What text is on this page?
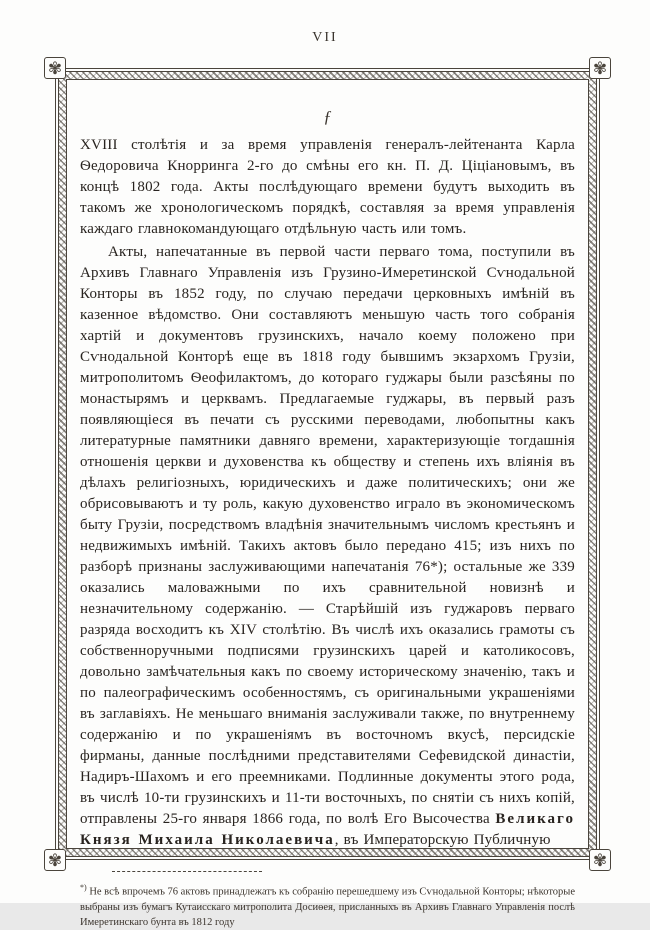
VII
✾	✾
✾	✾
ƒ

XVIII столѣтія и за время управленія генералъ-лейтенанта Карла Ѳедоровича Кнорринга 2-го до смѣны его кн. П. Д. Ціціановымъ, въ концѣ 1802 года. Акты послѣдующаго времени будутъ выходить въ такомъ же хронологическомъ порядкѣ, составляя за время управленія каждаго главнокомандующаго отдѣльную часть или томъ.

Акты, напечатанные въ первой части перваго тома, поступили въ Архивъ Главнаго Управленія изъ Грузино-Имеретинской Сѵнодальной Конторы въ 1852 году, по случаю передачи церковныхъ имѣній въ казенное вѣдомство. Они составляютъ меньшую часть того собранія хартій и документовъ грузинскихъ, начало коему положено при Сѵнодальной Конторѣ еще въ 1818 году бывшимъ экзархомъ Грузіи, митрополитомъ Ѳеофилактомъ, до котораго гуджары были разсѣяны по монастырямъ и церквамъ. Предлагаемые гуджары, въ первый разъ появляющіеся въ печати съ русскими переводами, любопытны какъ литературные памятники давняго времени, характеризующіе тогдашнія отношенія церкви и духовенства къ обществу и степень ихъ вліянія въ дѣлахъ религіозныхъ, юридическихъ и даже политическихъ; они же обрисовываютъ и ту роль, какую духовенство играло въ экономическомъ быту Грузіи, посредствомъ владѣнія значительнымъ числомъ крестьянъ и недвижимыхъ имѣній. Такихъ актовъ было передано 415; изъ нихъ по разборѣ признаны заслуживающими напечатанія 76*); остальные же 339 оказались маловажными по ихъ сравнительной новизнѣ и незначительному содержанію. — Старѣйшій изъ гуджаровъ перваго разряда восходитъ къ XIV столѣтію. Въ числѣ ихъ оказались грамоты съ собственноручными подписями грузинскихъ царей и католикосовъ, довольно замѣчательныя какъ по своему историческому значенію, такъ и по палеографическимъ особенностямъ, съ оригинальными украшеніями въ заглавіяхъ. Не меньшаго вниманія заслуживали также, по внутреннему содержанію и по украшеніямъ въ восточномъ вкусѣ, персидскіе фирманы, данные послѣдними представителями Сефевидской династіи, Надиръ-Шахомъ и его преемниками. Подлинные документы этого рода, въ числѣ 10-ти грузинскихъ и 11-ти восточныхъ, по снятіи съ нихъ копій, отправлены 25-го января 1866 года, по волѣ Его Высочества Великаго Князя Михаила Николаевича, въ Императорскую Публичную

*) Не всѣ впрочемъ 76 актовъ принадлежатъ къ собранію перешедшему изъ Сѵнодальной Конторы; нѣкоторые выбраны изъ бумагъ Кутаисскаго митрополита Досиѳея, присланныхъ въ Архивъ Главнаго Управленія послѣ Имеретинскаго бунта въ 1812 году
